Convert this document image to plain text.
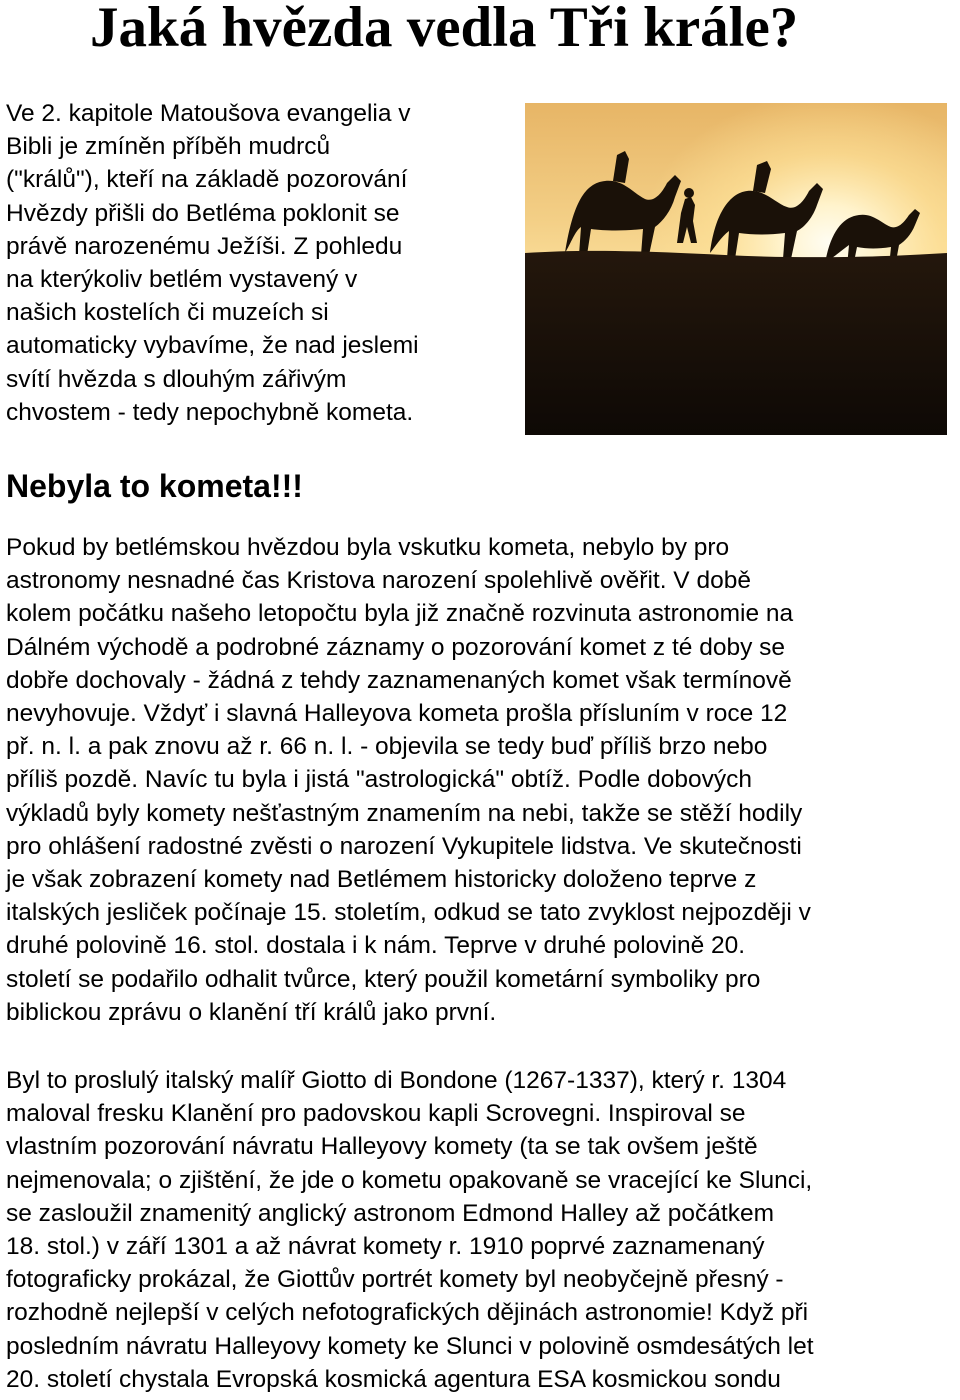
Jaká hvězda vedla Tři krále?
Ve 2. kapitole Matoušova evangelia v
Bibli je zmíněn příběh mudrců
("králů"), kteří na základě pozorování
Hvězdy přišli do Betléma poklonit se
právě narozenému Ježíši. Z pohledu
na kterýkoliv betlém vystavený v
našich kostelích či muzeích si
automaticky vybavíme, že nad jeslemi
svítí hvězda s dlouhým zářivým
chvostem - tedy nepochybně kometa.
Nebyla to kometa!!!
Pokud by betlémskou hvězdou byla vskutku kometa, nebylo by pro
astronomy nesnadné čas Kristova narození spolehlivě ověřit. V době
kolem počátku našeho letopočtu byla již značně rozvinuta astronomie na
Dálném východě a podrobné záznamy o pozorování komet z té doby se
dobře dochovaly - žádná z tehdy zaznamenaných komet však termínově
nevyhovuje. Vždyť i slavná Halleyova kometa prošla přísluním v roce 12
př. n. l. a pak znovu až r. 66 n. l. - objevila se tedy buď příliš brzo nebo
příliš pozdě. Navíc tu byla i jistá "astrologická" obtíž. Podle dobových
výkladů byly komety nešťastným znamením na nebi, takže se stěží hodily
pro ohlášení radostné zvěsti o narození Vykupitele lidstva. Ve skutečnosti
je však zobrazení komety nad Betlémem historicky doloženo teprve z
italských jesliček počínaje 15. stoletím, odkud se tato zvyklost nejpozději v
druhé polovině 16. stol. dostala i k nám. Teprve v druhé polovině 20.
století se podařilo odhalit tvůrce, který použil kometární symboliky pro
biblickou zprávu o klanění tří králů jako první.
Byl to proslulý italský malíř Giotto di Bondone (1267-1337), který r. 1304
maloval fresku Klanění pro padovskou kapli Scrovegni. Inspiroval se
vlastním pozorování návratu Halleyovy komety (ta se tak ovšem ještě
nejmenovala; o zjištění, že jde o kometu opakovaně se vracející ke Slunci,
se zasloužil znamenitý anglický astronom Edmond Halley až počátkem
18. stol.) v září 1301 a až návrat komety r. 1910 poprvé zaznamenaný
fotograficky prokázal, že Giottův portrét komety byl neobyčejně přesný -
rozhodně nejlepší v celých nefotografických dějinách astronomie! Když při
posledním návratu Halleyovy komety ke Slunci v polovině osmdesátých let
20. století chystala Evropská kosmická agentura ESA kosmickou sondu
